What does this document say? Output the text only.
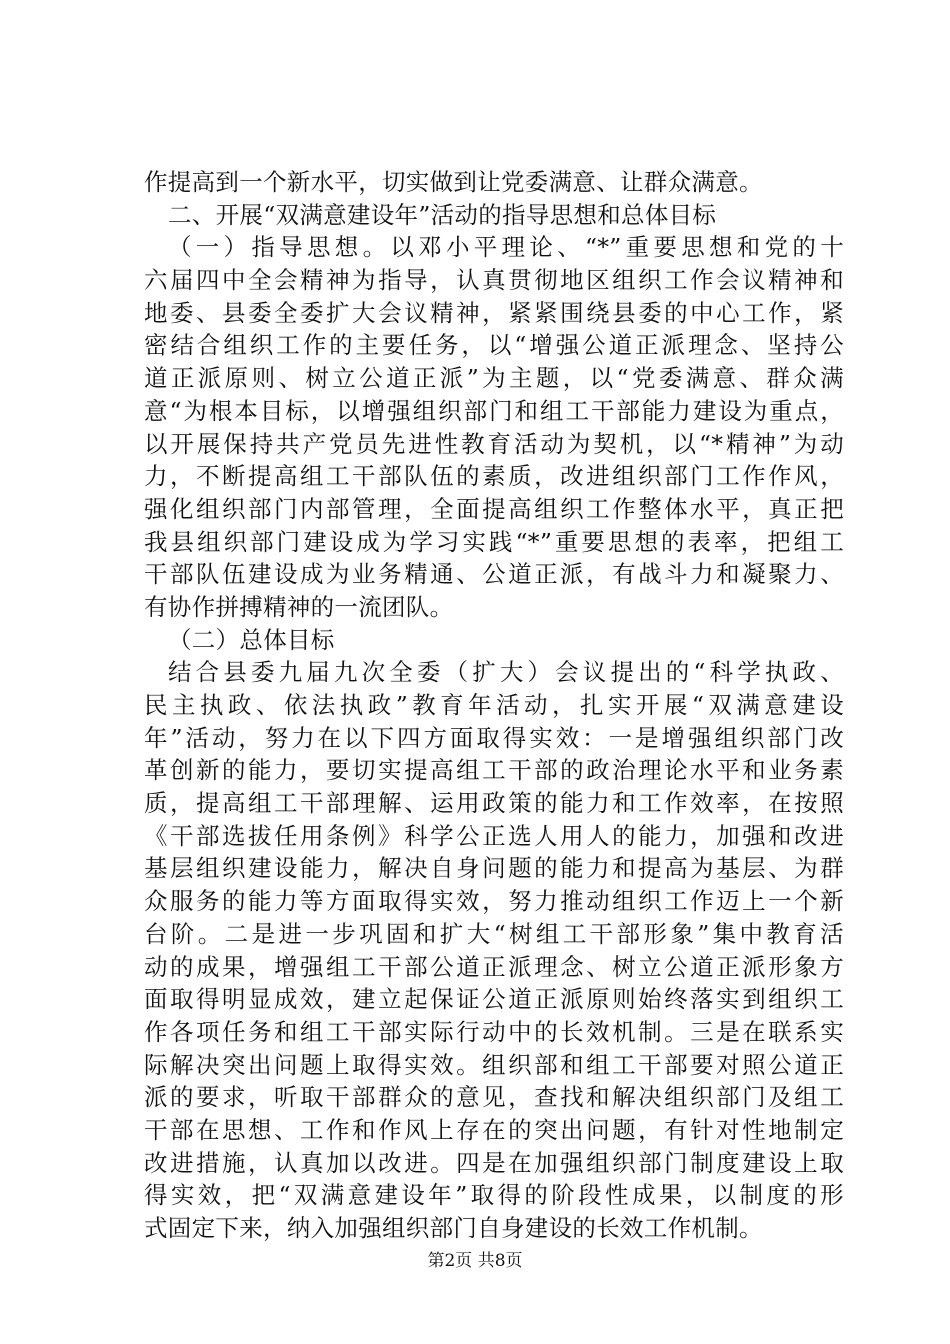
作提高到一个新水平，切实做到让党委满意、让群众满意。
二、开展“双满意建设年”活动的指导思想和总体目标
（一）指导思想。以邓小平理论、“*”重要思想和党的十
六届四中全会精神为指导，认真贯彻地区组织工作会议精神和
地委、县委全委扩大会议精神，紧紧围绕县委的中心工作，紧
密结合组织工作的主要任务，以“增强公道正派理念、坚持公
道正派原则、树立公道正派”为主题，以“党委满意、群众满
意“为根本目标，以增强组织部门和组工干部能力建设为重点，
以开展保持共产党员先进性教育活动为契机，以“*精神”为动
力，不断提高组工干部队伍的素质，改进组织部门工作作风，
强化组织部门内部管理，全面提高组织工作整体水平，真正把
我县组织部门建设成为学习实践“*”重要思想的表率，把组工
干部队伍建设成为业务精通、公道正派，有战斗力和凝聚力、
有协作拼搏精神的一流团队。
（二）总体目标
结合县委九届九次全委（扩大）会议提出的“科学执政、
民主执政、依法执政”教育年活动，扎实开展“双满意建设
年”活动，努力在以下四方面取得实效：一是增强组织部门改
革创新的能力，要切实提高组工干部的政治理论水平和业务素
质，提高组工干部理解、运用政策的能力和工作效率，在按照
《干部选拔任用条例》科学公正选人用人的能力，加强和改进
基层组织建设能力，解决自身问题的能力和提高为基层、为群
众服务的能力等方面取得实效，努力推动组织工作迈上一个新
台阶。二是进一步巩固和扩大“树组工干部形象”集中教育活
动的成果，增强组工干部公道正派理念、树立公道正派形象方
面取得明显成效，建立起保证公道正派原则始终落实到组织工
作各项任务和组工干部实际行动中的长效机制。三是在联系实
际解决突出问题上取得实效。组织部和组工干部要对照公道正
派的要求，听取干部群众的意见，查找和解决组织部门及组工
干部在思想、工作和作风上存在的突出问题，有针对性地制定
改进措施，认真加以改进。四是在加强组织部门制度建设上取
得实效，把“双满意建设年”取得的阶段性成果，以制度的形
式固定下来，纳入加强组织部门自身建设的长效工作机制。
第2页 共8页
